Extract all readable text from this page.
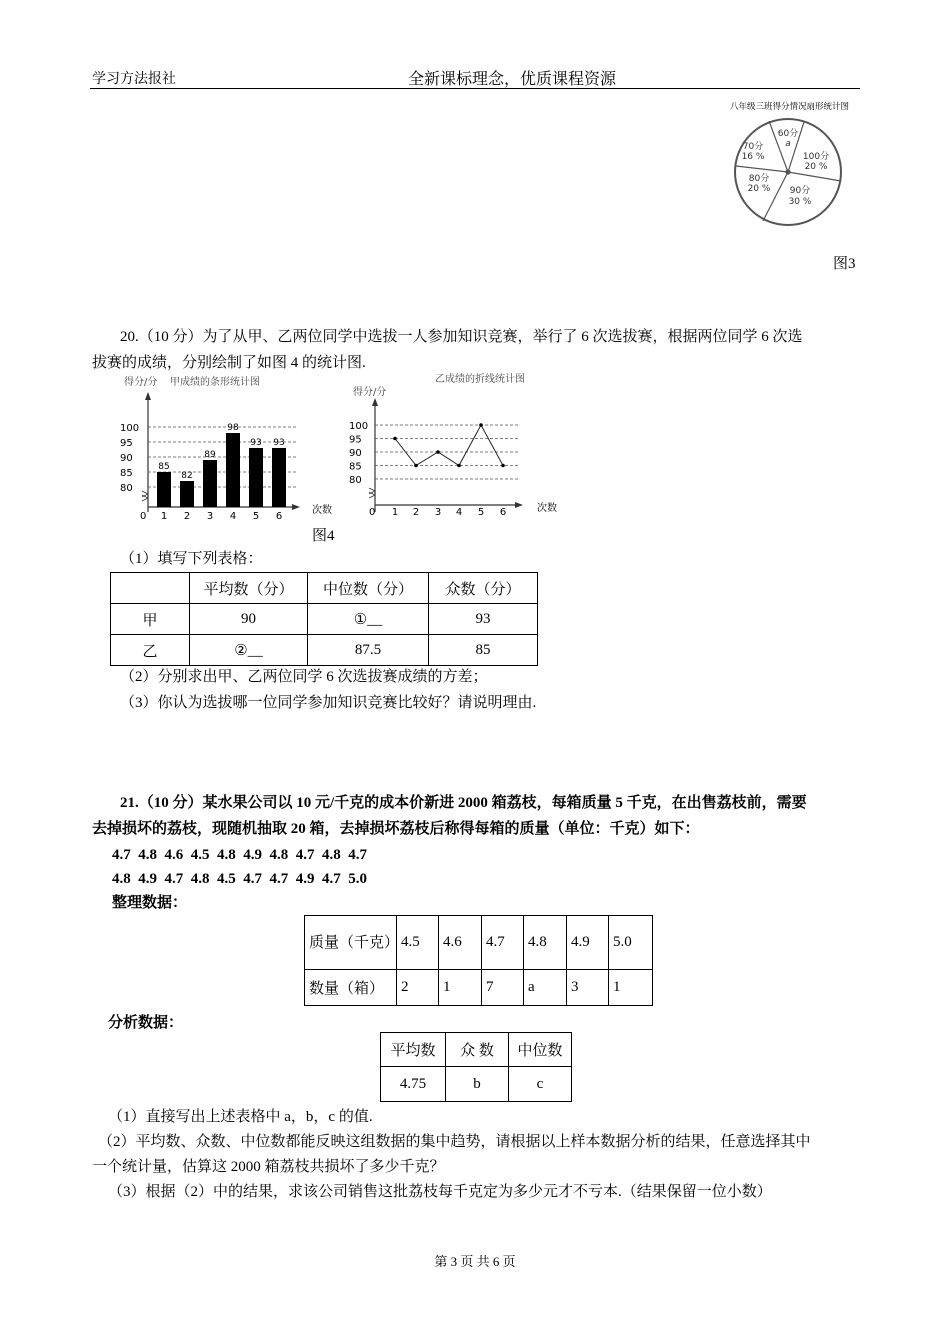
学习方法报社	全新课标理念，优质课程资源
八年级三班得分情况扇形统计图
60分
a
100分
20 %
90分
30 %
80分
20 %
70分
16 %
图3
20.（10 分）为了从甲、乙两位同学中选拔一人参加知识竞赛，举行了 6 次选拔赛，根据两位同学 6 次选
拔赛的成绩，分别绘制了如图 4 的统计图.
得分/分 甲成绩的条形统计图
0
次数
80
85
90
95
100
85
1
82
2
89
3
98
4
93
5
93
6
得分/分
乙成绩的折线统计图
0	次数
80
85
90
95
100
1 2 3 4 5 6
图4
（1）填写下列表格：
	平均数（分）	中位数（分）	众数（分）
甲	90	①__	93
乙	②__	87.5	85
（2）分别求出甲、乙两位同学 6 次选拔赛成绩的方差；
（3）你认为选拔哪一位同学参加知识竞赛比较好？请说明理由.
21.（10 分）某水果公司以 10 元/千克的成本价新进 2000 箱荔枝，每箱质量 5 千克，在出售荔枝前，需要
去掉损坏的荔枝，现随机抽取 20 箱，去掉损坏荔枝后称得每箱的质量（单位：千克）如下：
4.7  4.8  4.6  4.5  4.8  4.9  4.8  4.7  4.8  4.7
4.8  4.9  4.7  4.8  4.5  4.7  4.7  4.9  4.7  5.0
整理数据：
质量（千克）	4.5	4.6	4.7	4.8	4.9	5.0
数量（箱）	2	1	7	a	3	1
分析数据：
平均数	众 数	中位数
4.75	b	c
（1）直接写出上述表格中 a，b，c 的值.
（2）平均数、众数、中位数都能反映这组数据的集中趋势，请根据以上样本数据分析的结果，任意选择其中
一个统计量，估算这 2000 箱荔枝共损坏了多少千克？
（3）根据（2）中的结果，求该公司销售这批荔枝每千克定为多少元才不亏本.（结果保留一位小数）
第 3 页 共 6 页
